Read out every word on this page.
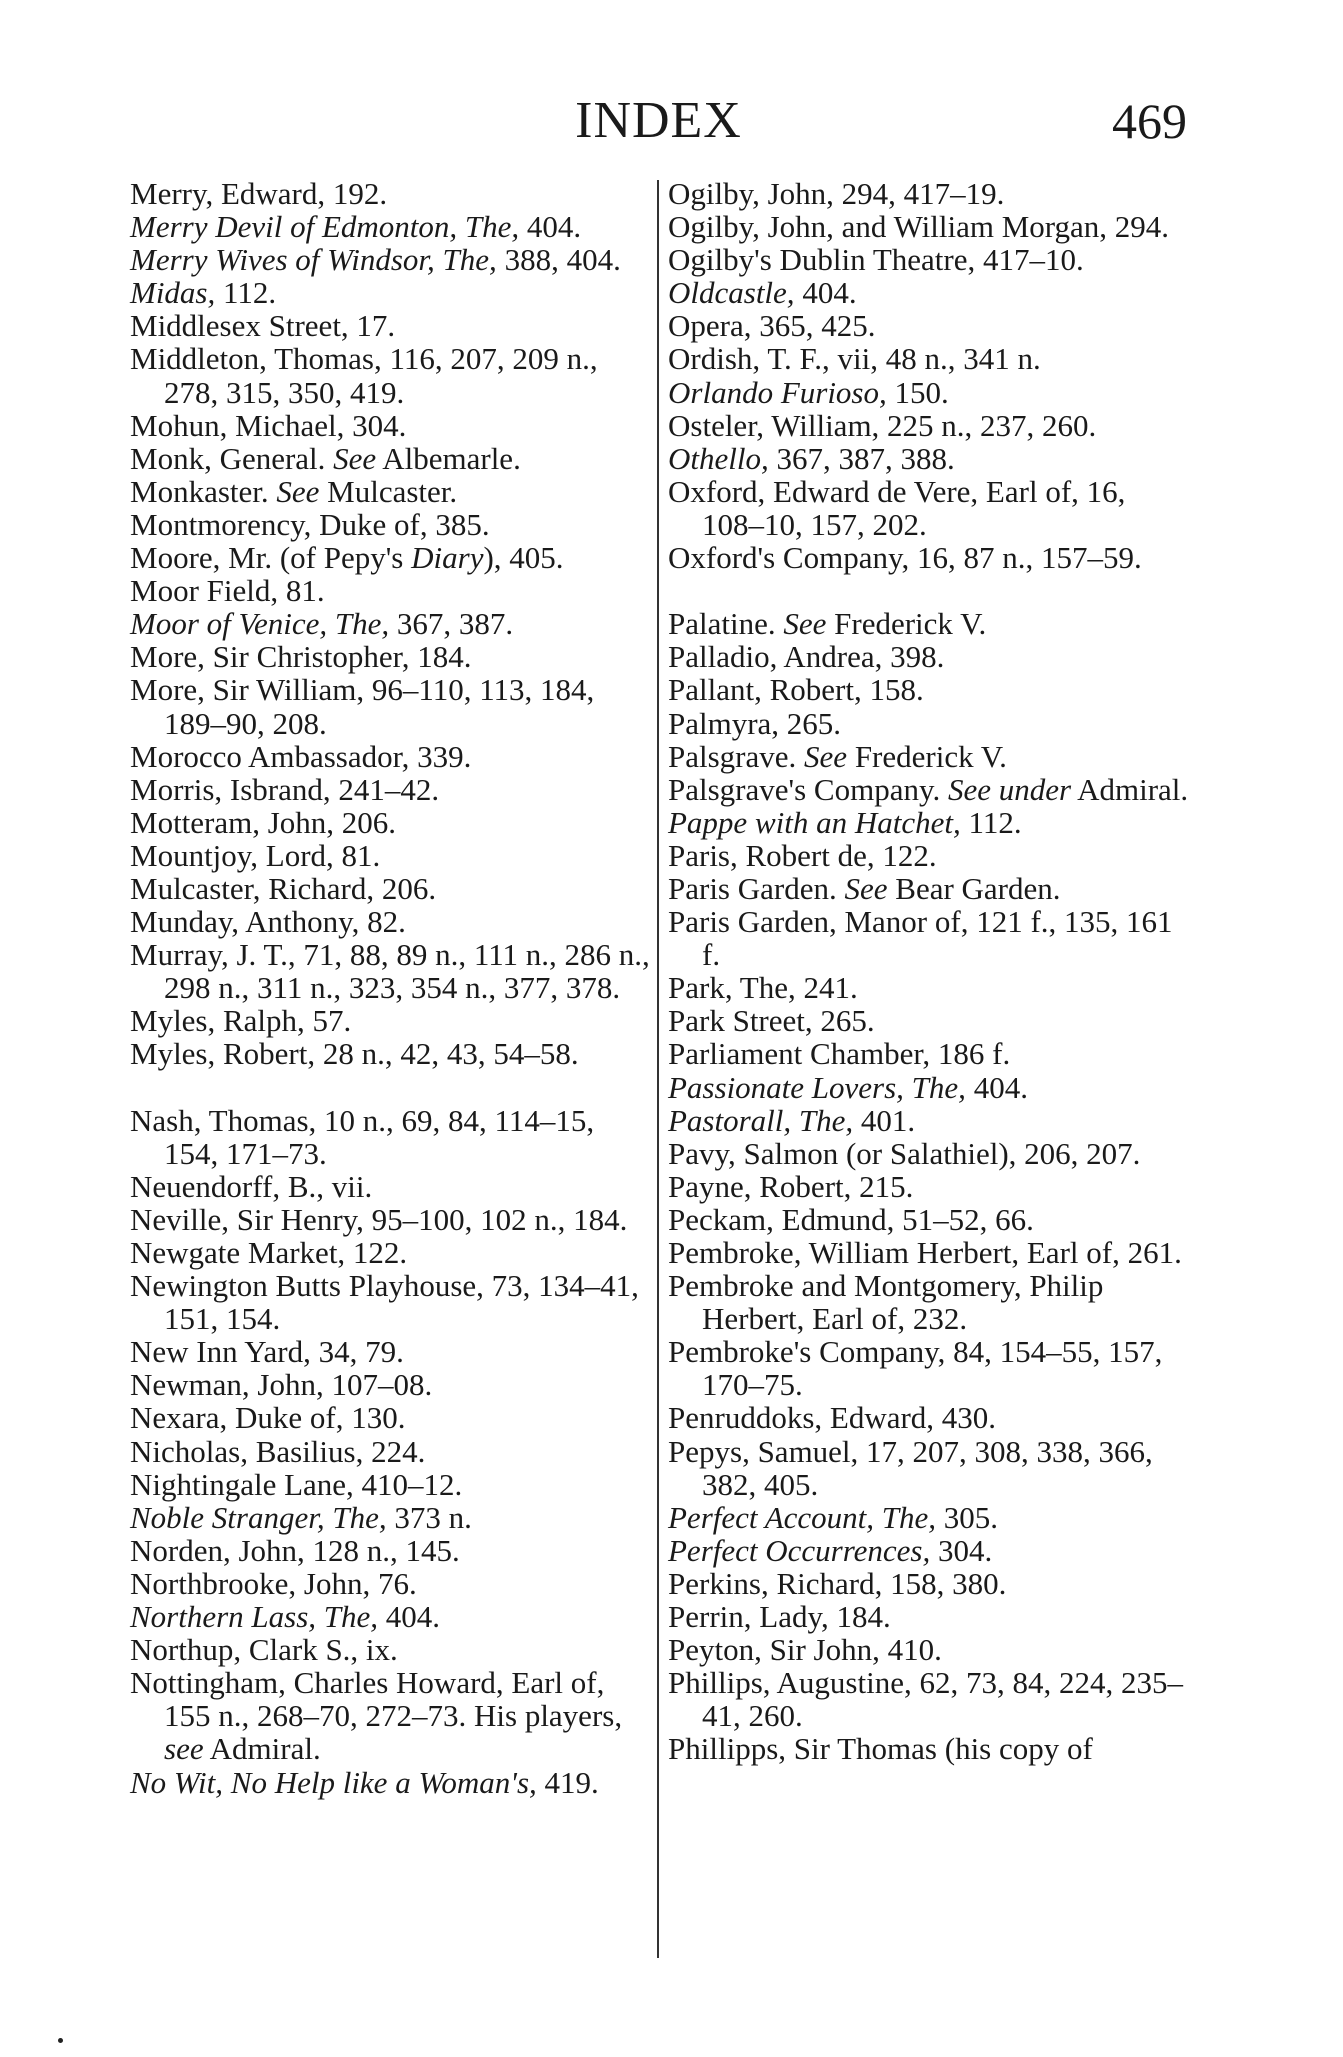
INDEX	469

Merry, Edward, 192.

Merry Devil of Edmonton, The, 404.

Merry Wives of Windsor, The, 388, 404.

Midas, 112.

Middlesex Street, 17.

Middleton, Thomas, 116, 207, 209 n., 278, 315, 350, 419.

Mohun, Michael, 304.

Monk, General. See Albemarle.

Monkaster. See Mulcaster.

Montmorency, Duke of, 385.

Moore, Mr. (of Pepy's Diary), 405.

Moor Field, 81.

Moor of Venice, The, 367, 387.

More, Sir Christopher, 184.

More, Sir William, 96–110, 113, 184, 189–90, 208.

Morocco Ambassador, 339.

Morris, Isbrand, 241–42.

Motteram, John, 206.

Mountjoy, Lord, 81.

Mulcaster, Richard, 206.

Munday, Anthony, 82.

Murray, J. T., 71, 88, 89 n., 111 n., 286 n., 298 n., 311 n., 323, 354 n., 377, 378.

Myles, Ralph, 57.

Myles, Robert, 28 n., 42, 43, 54–58.

Nash, Thomas, 10 n., 69, 84, 114–15, 154, 171–73.

Neuendorff, B., vii.

Neville, Sir Henry, 95–100, 102 n., 184.

Newgate Market, 122.

Newington Butts Playhouse, 73, 134–41, 151, 154.

New Inn Yard, 34, 79.

Newman, John, 107–08.

Nexara, Duke of, 130.

Nicholas, Basilius, 224.

Nightingale Lane, 410–12.

Noble Stranger, The, 373 n.

Norden, John, 128 n., 145.

Northbrooke, John, 76.

Northern Lass, The, 404.

Northup, Clark S., ix.

Nottingham, Charles Howard, Earl of, 155 n., 268–70, 272–73. His players, see Admiral.

No Wit, No Help like a Woman's, 419.

Ogilby, John, 294, 417–19.

Ogilby, John, and William Morgan, 294.

Ogilby's Dublin Theatre, 417–10.

Oldcastle, 404.

Opera, 365, 425.

Ordish, T. F., vii, 48 n., 341 n.

Orlando Furioso, 150.

Osteler, William, 225 n., 237, 260.

Othello, 367, 387, 388.

Oxford, Edward de Vere, Earl of, 16, 108–10, 157, 202.

Oxford's Company, 16, 87 n., 157–59.

Palatine. See Frederick V.

Palladio, Andrea, 398.

Pallant, Robert, 158.

Palmyra, 265.

Palsgrave. See Frederick V.

Palsgrave's Company. See under Admiral.

Pappe with an Hatchet, 112.

Paris, Robert de, 122.

Paris Garden. See Bear Garden.

Paris Garden, Manor of, 121 f., 135, 161 f.

Park, The, 241.

Park Street, 265.

Parliament Chamber, 186 f.

Passionate Lovers, The, 404.

Pastorall, The, 401.

Pavy, Salmon (or Salathiel), 206, 207.

Payne, Robert, 215.

Peckam, Edmund, 51–52, 66.

Pembroke, William Herbert, Earl of, 261.

Pembroke and Montgomery, Philip Herbert, Earl of, 232.

Pembroke's Company, 84, 154–55, 157, 170–75.

Penruddoks, Edward, 430.

Pepys, Samuel, 17, 207, 308, 338, 366, 382, 405.

Perfect Account, The, 305.

Perfect Occurrences, 304.

Perkins, Richard, 158, 380.

Perrin, Lady, 184.

Peyton, Sir John, 410.

Phillips, Augustine, 62, 73, 84, 224, 235–41, 260.

Phillipps, Sir Thomas (his copy of
